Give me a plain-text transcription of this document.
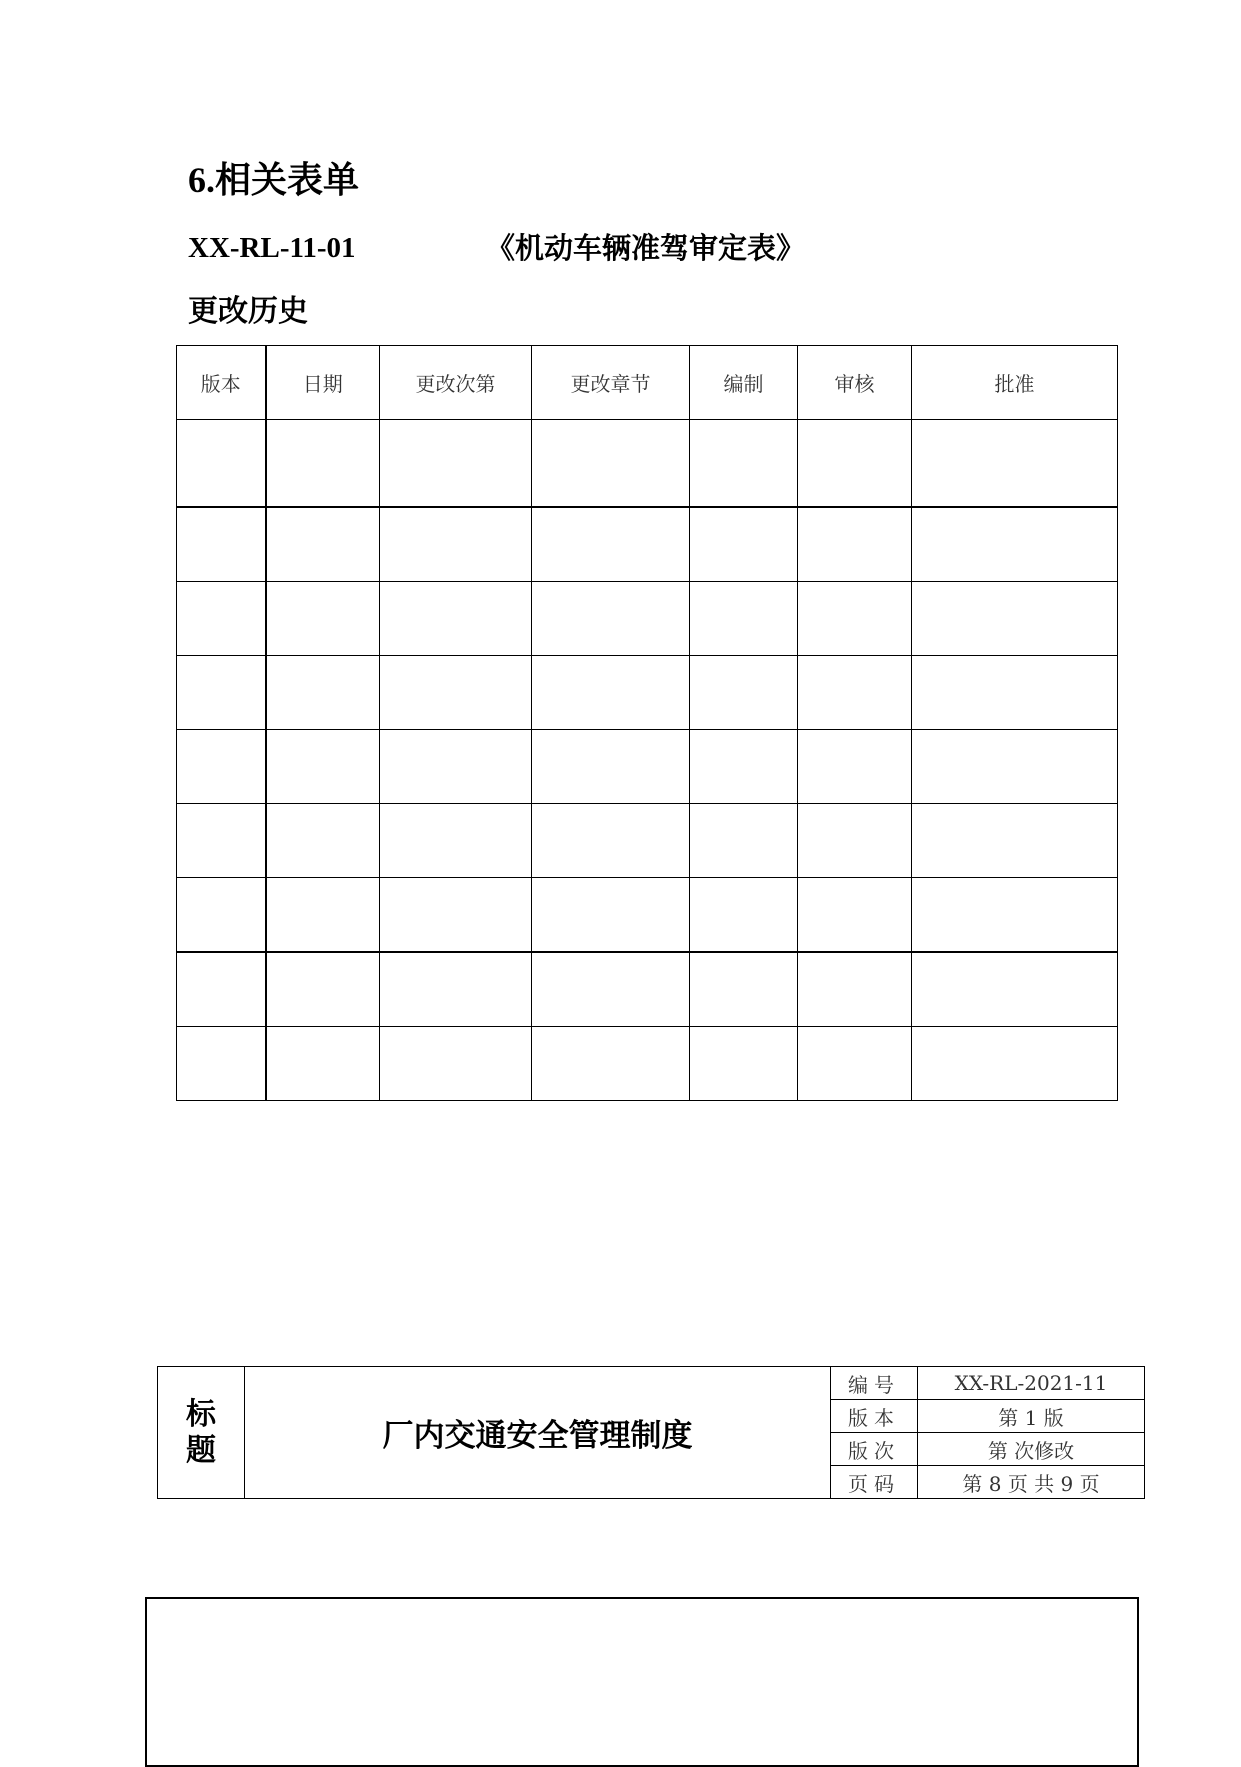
6.相关表单
XX-RL-11-01	《机动车辆准驾审定表》
更改历史
版本	日期	更改次第	更改章节	编制	审核	批准

标
题	厂内交通安全管理制度	编号	XX-RL-2021-11
		版本	第 1 版
		版次	第 次修改
		页码	第 8 页 共 9 页
